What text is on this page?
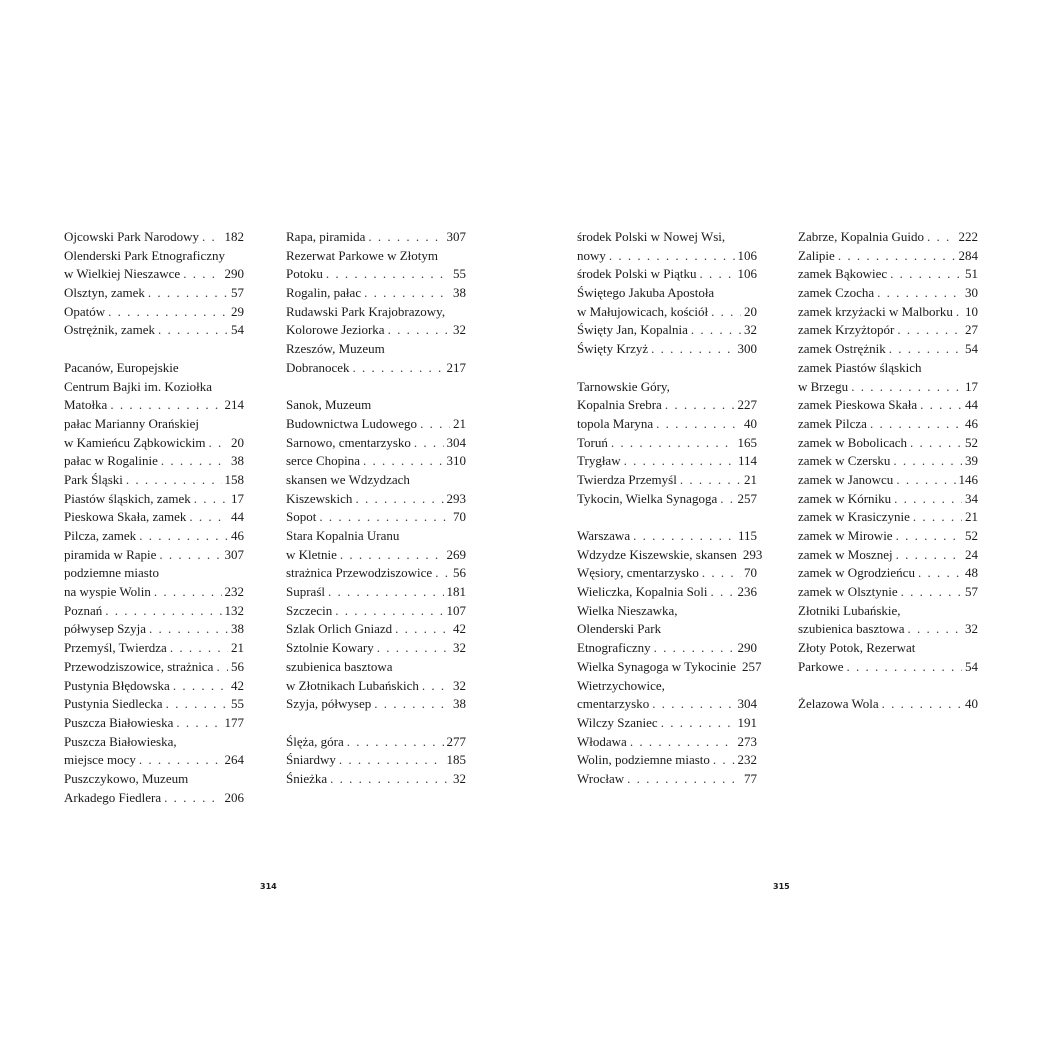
Ojcowski Park Narodowy . . . 182
Olenderski Park Etnograficzny
w Wielkiej Nieszawce . . .	290
Olsztyn, zamek . . .	57
Opatów . . .	29
Ostrężnik, zamek . . .	54
Pacanów, Europejskie
Centrum Bajki im. Koziołka
Matołka . . .	214
pałac Marianny Orańskiej
w Kamieńcu Ząbkowickim . . . 20
pałac w Rogalinie . . .	38
Park Śląski . . .	158
Piastów śląskich, zamek . . .	17
Pieskowa Skała, zamek . . .	44
Pilcza, zamek . . .	46
piramida w Rapie . . .	307
podziemne miasto
na wyspie Wolin . . .	232
Poznań . . .	132
półwysep Szyja . . .	38
Przemyśl, Twierdza . . .	21
Przewodziszowice, strażnica . . . 56
Pustynia Błędowska . . .	42
Pustynia Siedlecka . . .	55
Puszcza Białowieska . . .	177
Puszcza Białowieska,
miejsce mocy . . .	264
Puszczykowo, Muzeum
Arkadego Fiedlera . . .	206
Rapa, piramida . . .	307
Rezerwat Parkowe w Złotym
Potoku . . .	55
Rogalin, pałac . . .	38
Rudawski Park Krajobrazowy,
Kolorowe Jeziorka . . .	32
Rzeszów, Muzeum
Dobranocek . . .	217
Sanok, Muzeum
Budownictwa Ludowego . . .	21
Sarnowo, cmentarzysko . . .	304
serce Chopina . . .	310
skansen we Wdzydzach
Kiszewskich . . .	293
Sopot . . .	70
Stara Kopalnia Uranu
w Kletnie . . .	269
strażnica Przewodziszowice . . . 56
Supraśl . . .	181
Szczecin . . .	107
Szlak Orlich Gniazd . . .	42
Sztolnie Kowary . . .	32
szubienica basztowa
w Złotnikach Lubańskich . . .	32
Szyja, półwysep . . .	38
Ślęża, góra . . .	277
Śniardwy . . .	185
Śnieżka . . .	32
środek Polski w Nowej Wsi,
nowy . . .	106
środek Polski w Piątku . . .	106
Świętego Jakuba Apostoła
w Małujowicach, kościół . . .	20
Święty Jan, Kopalnia . . .	32
Święty Krzyż . . .	300
Tarnowskie Góry,
Kopalnia Srebra . . .	227
topola Maryna . . .	40
Toruń . . .	165
Trygław . . .	114
Twierdza Przemyśl . . .	21
Tykocin, Wielka Synagoga . . . 257
Warszawa . . .	115
Wdzydze Kiszewskie, skansen 293
Węsiory, cmentarzysko . . .	70
Wieliczka, Kopalnia Soli . . . 236
Wielka Nieszawka,
Olenderski Park
Etnograficzny . . .	290
Wielka Synagoga w Tykocinie 257
Wietrzychowice,
cmentarzysko . . .	304
Wilczy Szaniec . . .	191
Włodawa . . .	273
Wolin, podziemne miasto . . . 232
Wrocław . . .	77
Zabrze, Kopalnia Guido . . .	222
Zalipie . . .	284
zamek Bąkowiec . . .	51
zamek Czocha . . .	30
zamek krzyżacki w Malborku . . . 10
zamek Krzyżtopór . . .	27
zamek Ostrężnik . . .	54
zamek Piastów śląskich
w Brzegu . . .	17
zamek Pieskowa Skała . . .	44
zamek Pilcza . . .	46
zamek w Bobolicach . . .	52
zamek w Czersku . . .	39
zamek w Janowcu . . .	146
zamek w Kórniku . . .	34
zamek w Krasiczynie . . .	21
zamek w Mirowie . . .	52
zamek w Mosznej . . .	24
zamek w Ogrodzieńcu . . .	48
zamek w Olsztynie . . .	57
Złotniki Lubańskie,
szubienica basztowa . . .	32
Złoty Potok, Rezerwat
Parkowe . . .	54
Żelazowa Wola . . .	40
314	315
